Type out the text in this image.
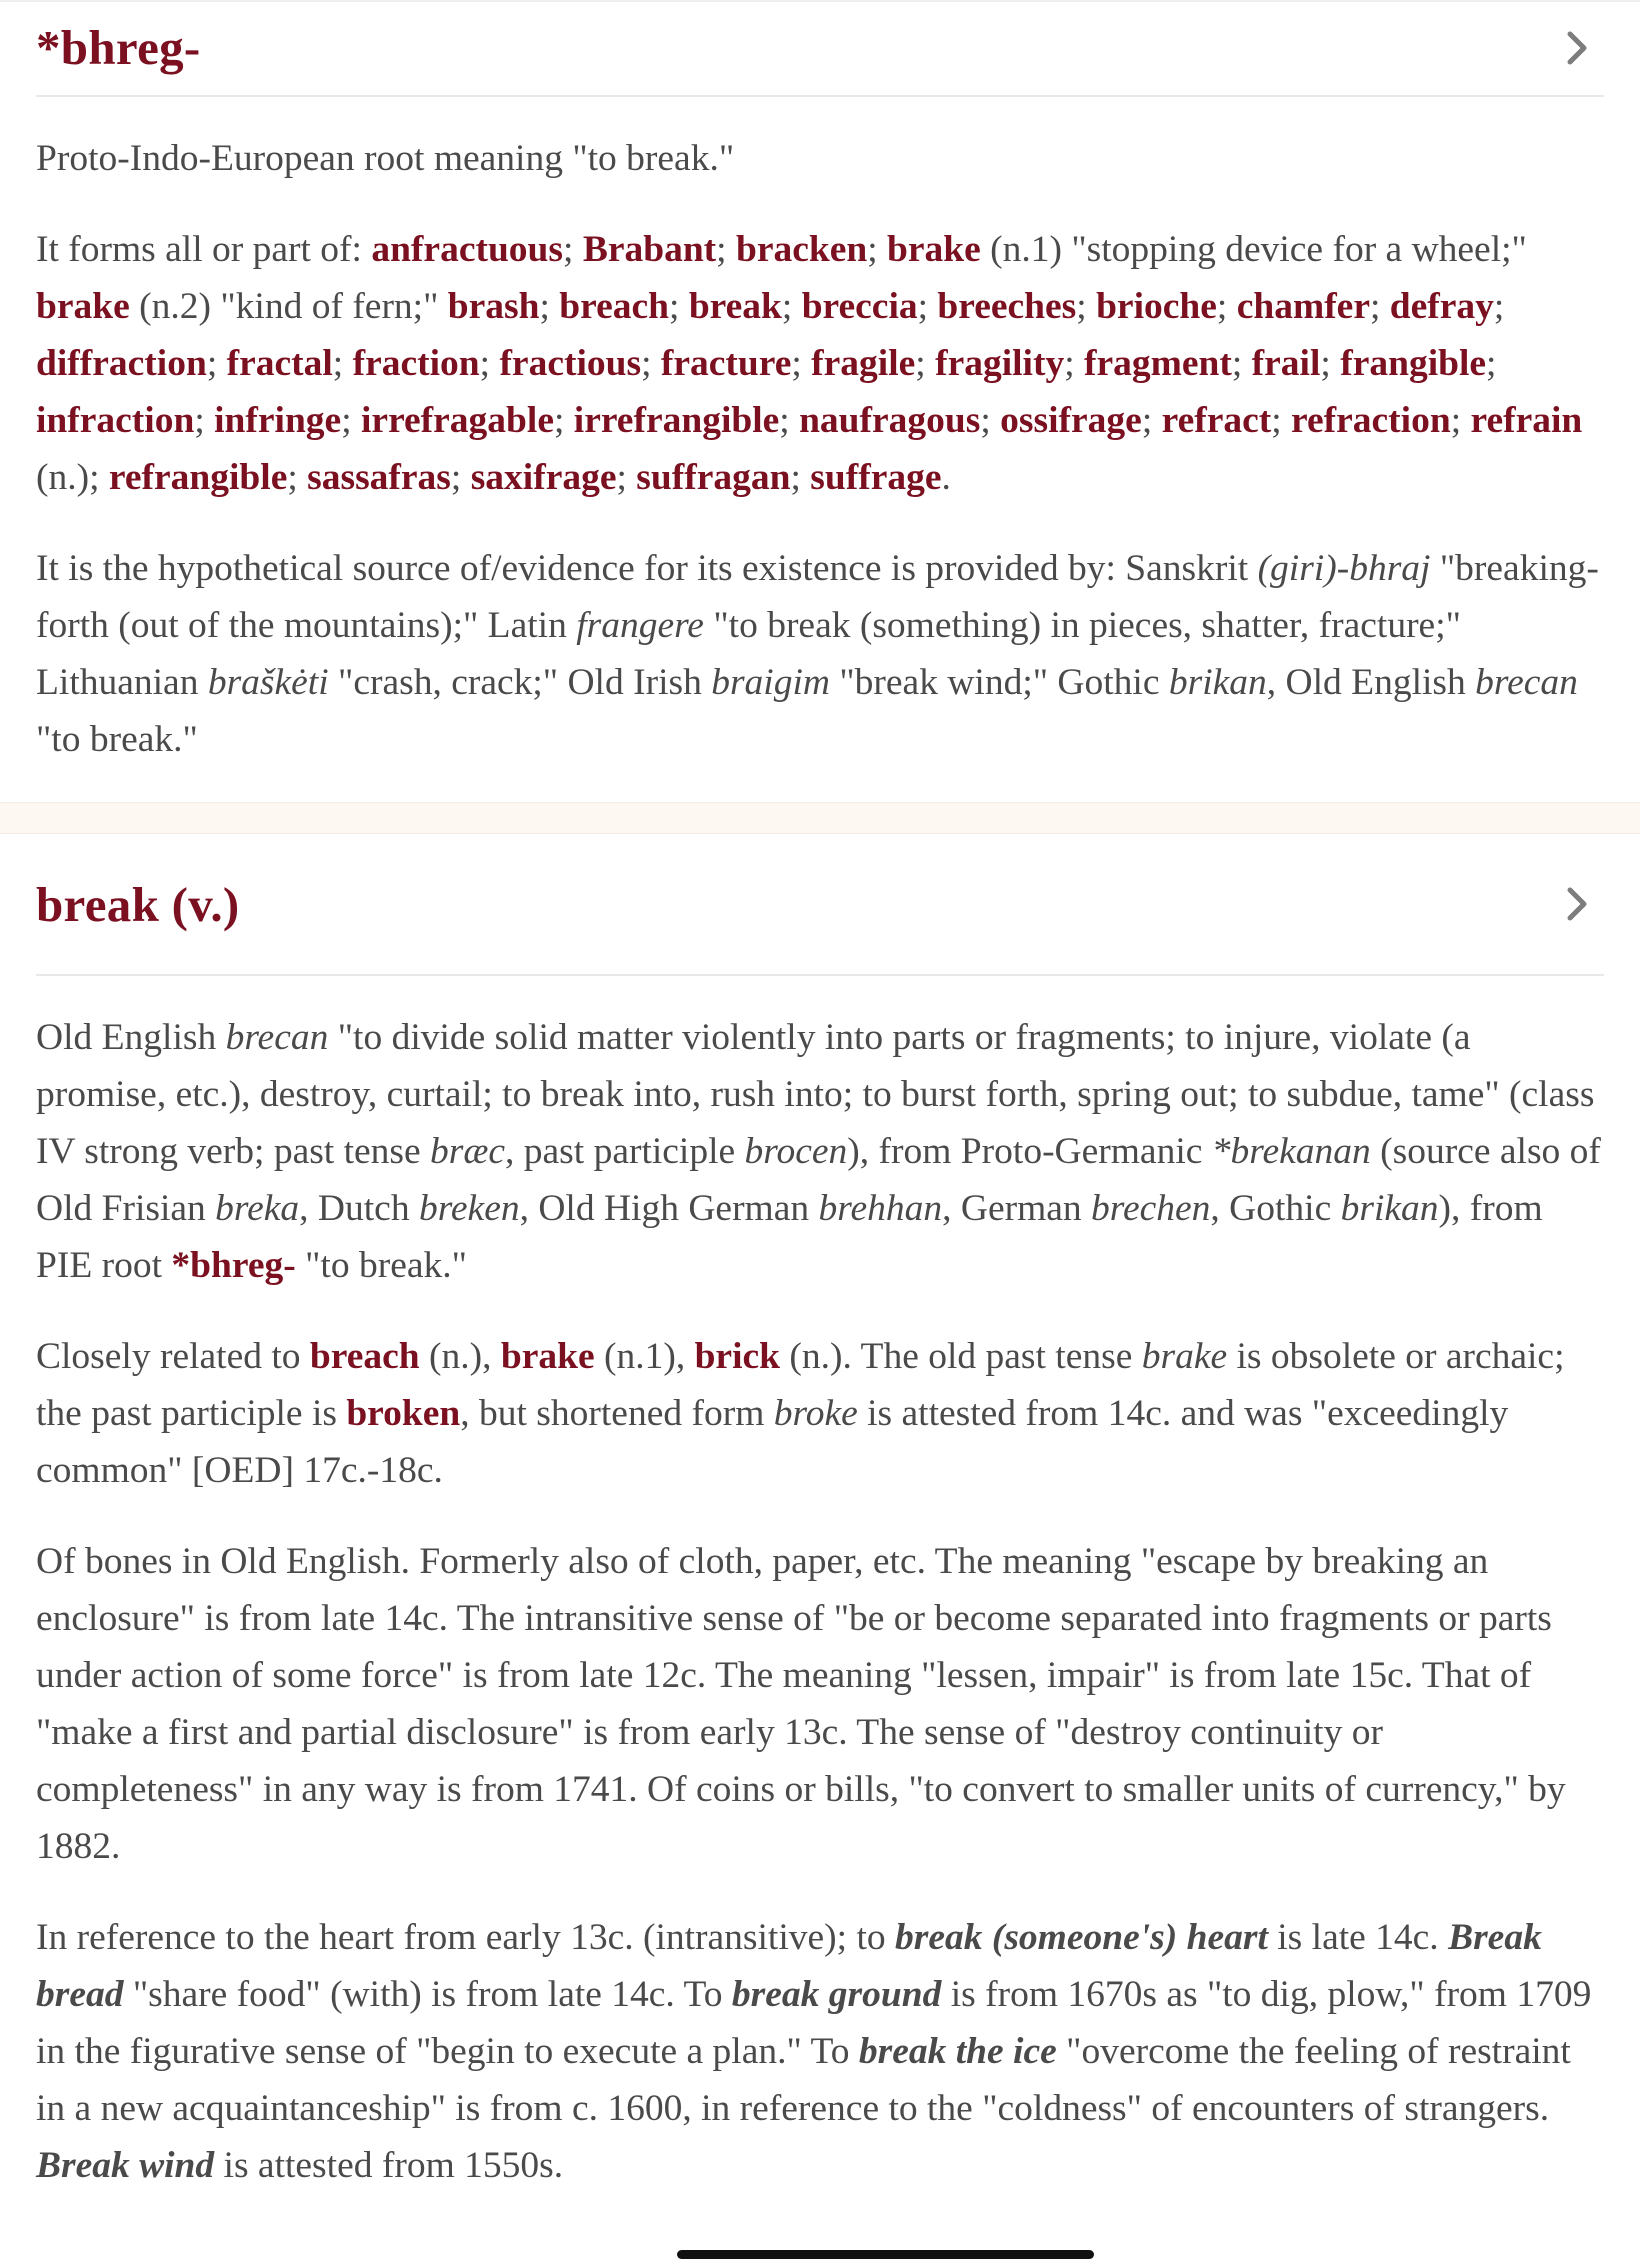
*bhreg-

Proto-Indo-European root meaning "to break."

It forms all or part of: anfractuous; Brabant; bracken; brake (n.1) "stopping device for a wheel;" brake (n.2) "kind of fern;" brash; breach; break; breccia; breeches; brioche; chamfer; defray; diffraction; fractal; fraction; fractious; fracture; fragile; fragility; fragment; frail; frangible; infraction; infringe; irrefragable; irrefrangible; naufragous; ossifrage; refract; refraction; refrain (n.); refrangible; sassafras; saxifrage; suffragan; suffrage.

It is the hypothetical source of/evidence for its existence is provided by: Sanskrit (giri)-bhraj "breaking-forth (out of the mountains);" Latin frangere "to break (something) in pieces, shatter, fracture;" Lithuanian braškėti "crash, crack;" Old Irish braigim "break wind;" Gothic brikan, Old English brecan "to break."

break (v.)

Old English brecan "to divide solid matter violently into parts or fragments; to injure, violate (a promise, etc.), destroy, curtail; to break into, rush into; to burst forth, spring out; to subdue, tame" (class IV strong verb; past tense bræc, past participle brocen), from Proto-Germanic *brekanan (source also of Old Frisian breka, Dutch breken, Old High German brehhan, German brechen, Gothic brikan), from PIE root *bhreg- "to break."

Closely related to breach (n.), brake (n.1), brick (n.). The old past tense brake is obsolete or archaic; the past participle is broken, but shortened form broke is attested from 14c. and was "exceedingly common" [OED] 17c.-18c.

Of bones in Old English. Formerly also of cloth, paper, etc. The meaning "escape by breaking an enclosure" is from late 14c. The intransitive sense of "be or become separated into fragments or parts under action of some force" is from late 12c. The meaning "lessen, impair" is from late 15c. That of "make a first and partial disclosure" is from early 13c. The sense of "destroy continuity or completeness" in any way is from 1741. Of coins or bills, "to convert to smaller units of currency," by 1882.

In reference to the heart from early 13c. (intransitive); to break (someone's) heart is late 14c. Break bread "share food" (with) is from late 14c. To break ground is from 1670s as "to dig, plow," from 1709 in the figurative sense of "begin to execute a plan." To break the ice "overcome the feeling of restraint in a new acquaintanceship" is from c. 1600, in reference to the "coldness" of encounters of strangers. Break wind is attested from 1550s.
